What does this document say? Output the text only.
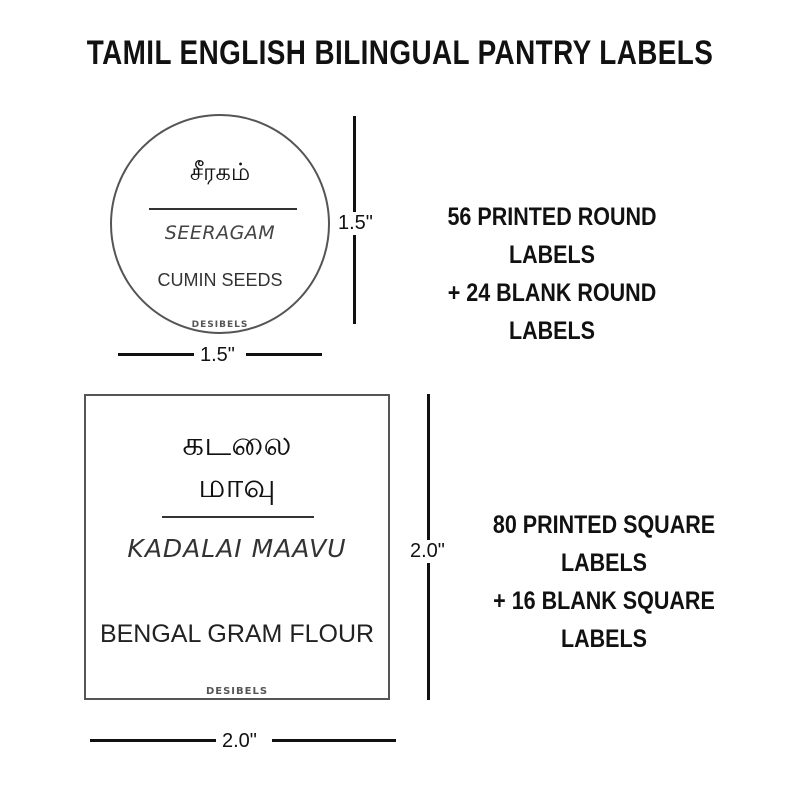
TAMIL ENGLISH BILINGUAL PANTRY LABELS
சீரகம்
SEERAGAM
CUMIN SEEDS
DESIBELS
1.5"
1.5"
56 PRINTED ROUND LABELS
+ 24 BLANK ROUND LABELS
கடலை
மாவு
KADALAI MAAVU
BENGAL GRAM FLOUR
DESIBELS
2.0"
2.0"
80 PRINTED SQUARE LABELS
+ 16 BLANK SQUARE LABELS
